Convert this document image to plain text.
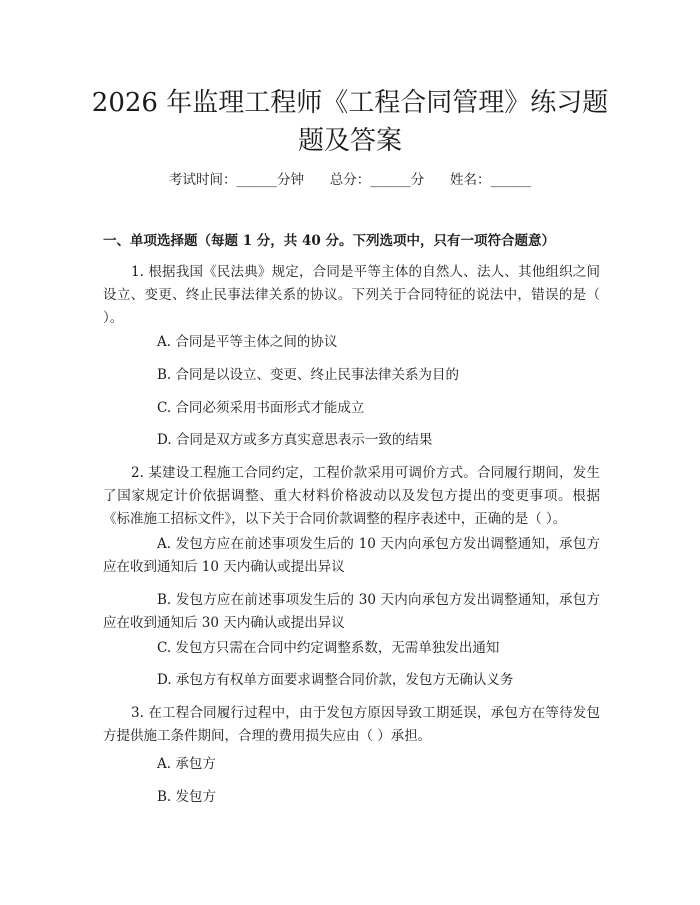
2026 年监理工程师《工程合同管理》练习题
题及答案
考试时间：______分钟      总分：______分      姓名：______
一、单项选择题（每题 1 分，共 40 分。下列选项中，只有一项符合题意）

1. 根据我国《民法典》规定，合同是平等主体的自然人、法人、其他组织之间设立、变更、终止民事法律关系的协议。下列关于合同特征的说法中，错误的是（ ）。

A. 合同是平等主体之间的协议

B. 合同是以设立、变更、终止民事法律关系为目的

C. 合同必须采用书面形式才能成立

D. 合同是双方或多方真实意思表示一致的结果

2. 某建设工程施工合同约定，工程价款采用可调价方式。合同履行期间，发生了国家规定计价依据调整、重大材料价格波动以及发包方提出的变更事项。根据《标准施工招标文件》，以下关于合同价款调整的程序表述中，正确的是（ ）。

A. 发包方应在前述事项发生后的 10 天内向承包方发出调整通知，承包方应在收到通知后 10 天内确认或提出异议

B. 发包方应在前述事项发生后的 30 天内向承包方发出调整通知，承包方应在收到通知后 30 天内确认或提出异议

C. 发包方只需在合同中约定调整系数，无需单独发出通知

D. 承包方有权单方面要求调整合同价款，发包方无确认义务

3. 在工程合同履行过程中，由于发包方原因导致工期延误，承包方在等待发包方提供施工条件期间，合理的费用损失应由（ ）承担。

A. 承包方

B. 发包方
